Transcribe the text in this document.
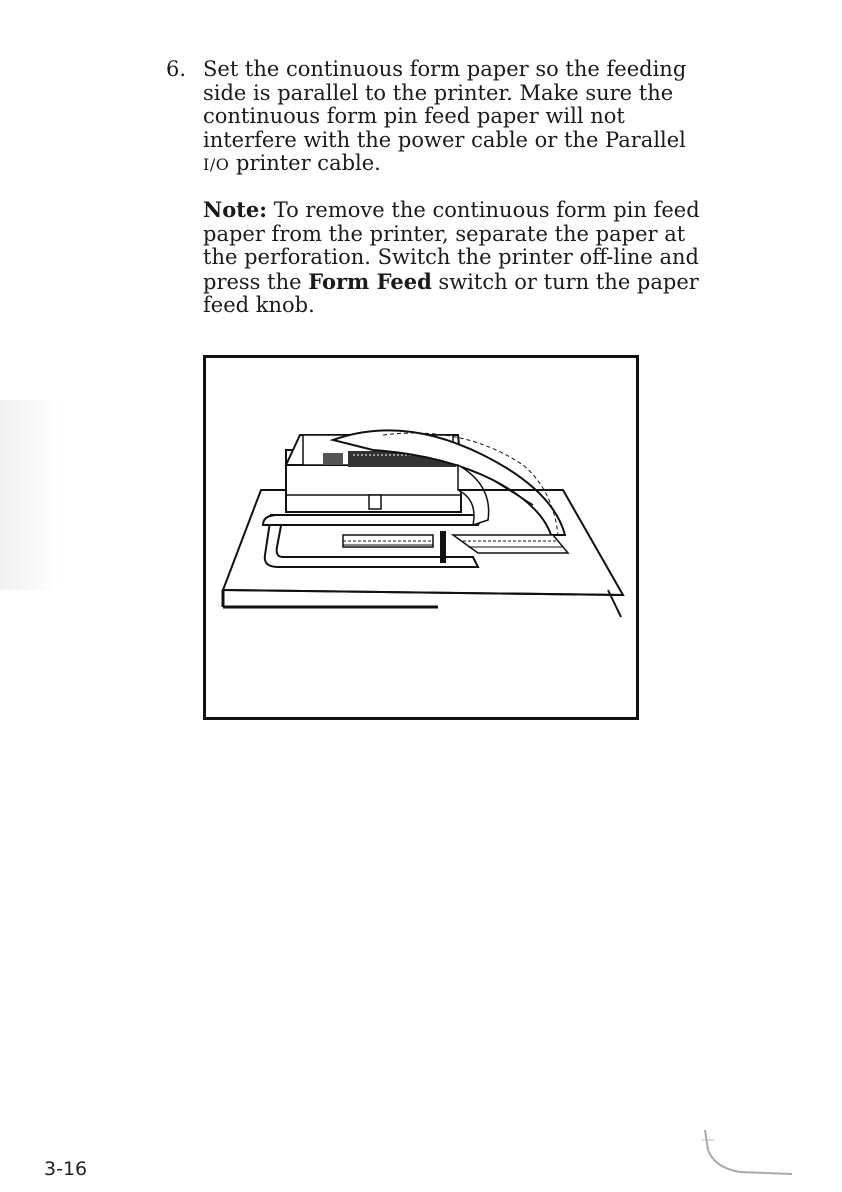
6. Set the continuous form paper so the feeding side is parallel to the printer. Make sure the continuous form pin feed paper will not interfere with the power cable or the Parallel I/O printer cable.
Note: To remove the continuous form pin feed paper from the printer, separate the paper at the perforation. Switch the printer off-line and press the Form Feed switch or turn the paper feed knob.
3-16
